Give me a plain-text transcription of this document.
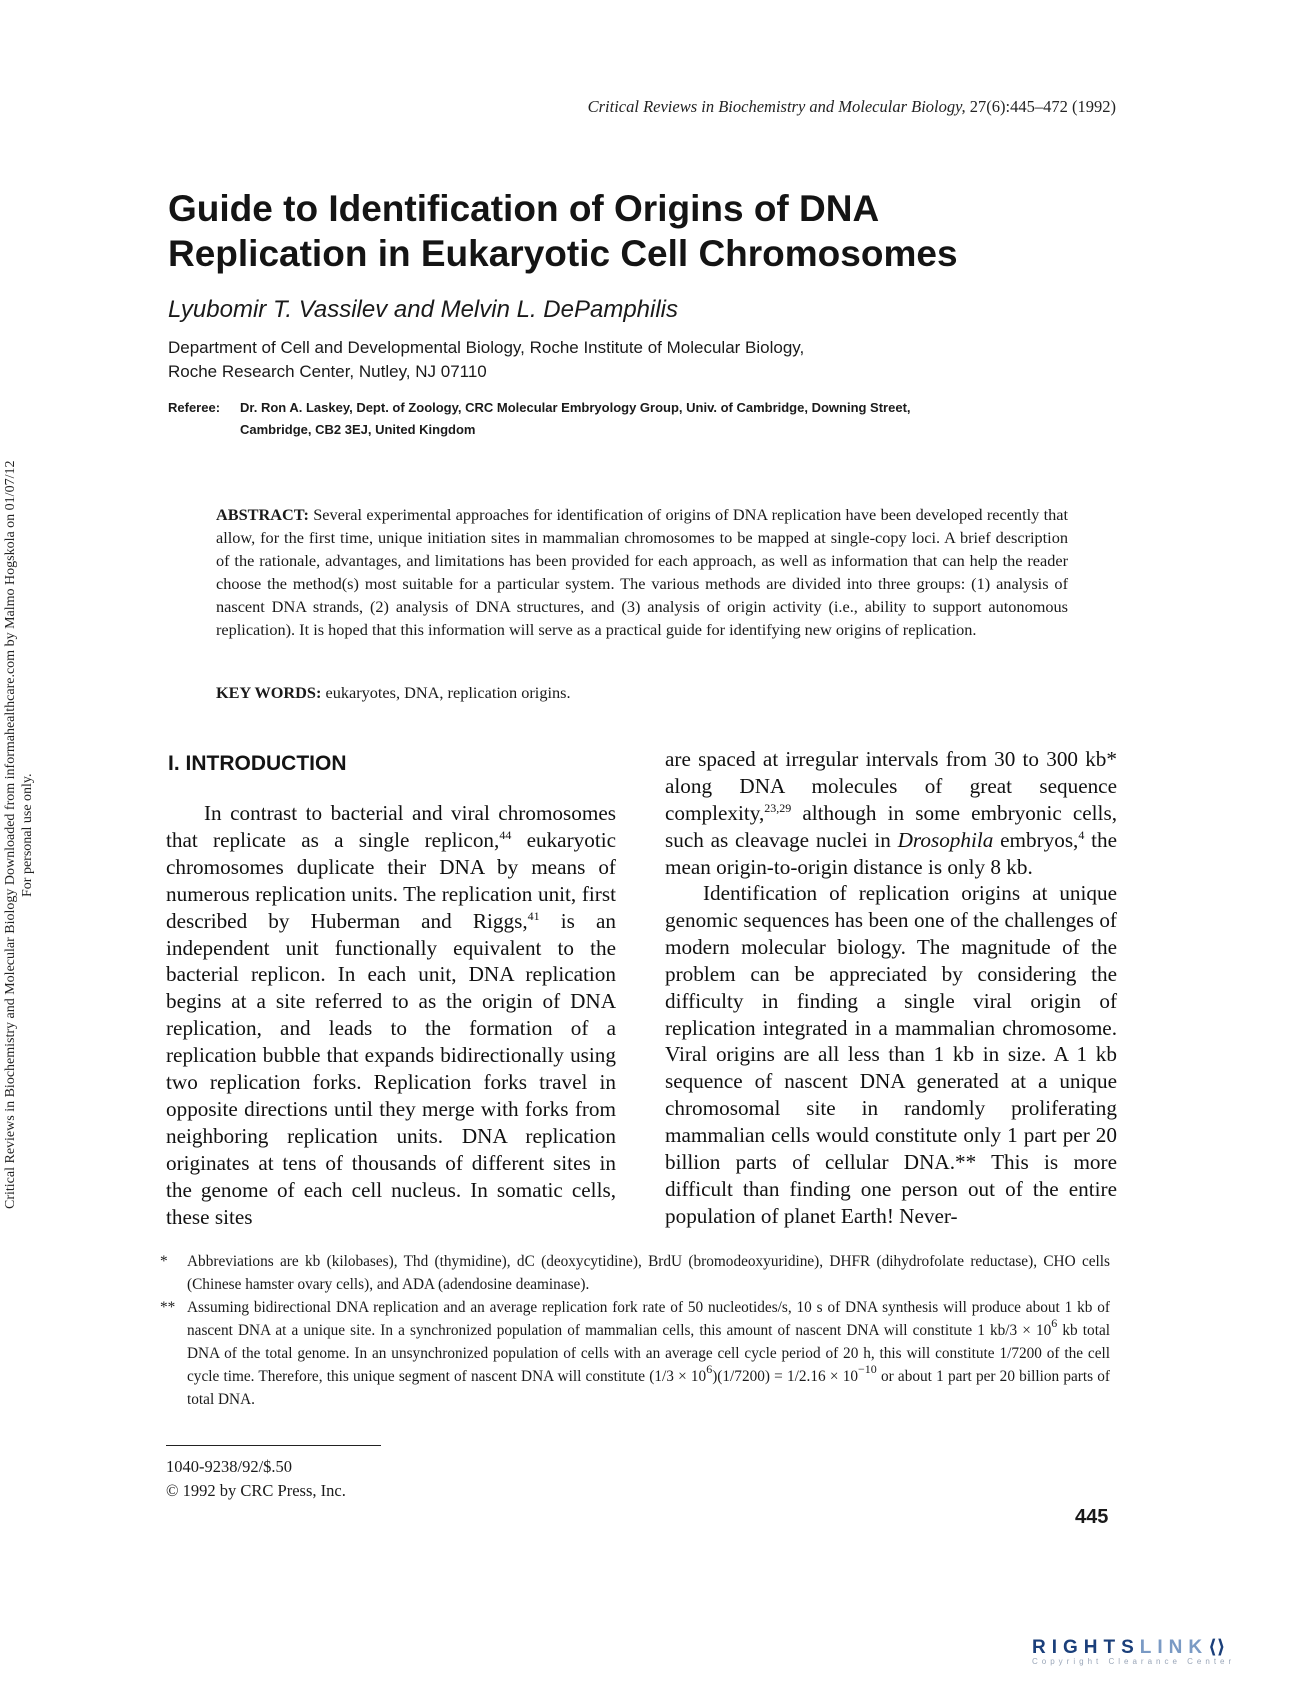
Critical Reviews in Biochemistry and Molecular Biology Downloaded from informahealthcare.com by Malmo Hogskola on 01/07/12 For personal use only.
Critical Reviews in Biochemistry and Molecular Biology, 27(6):445–472 (1992)
Guide to Identification of Origins of DNA
Replication in Eukaryotic Cell Chromosomes
Lyubomir T. Vassilev and Melvin L. DePamphilis
Department of Cell and Developmental Biology, Roche Institute of Molecular Biology,
Roche Research Center, Nutley, NJ 07110
Referee: Dr. Ron A. Laskey, Dept. of Zoology, CRC Molecular Embryology Group, Univ. of Cambridge, Downing Street,
Cambridge, CB2 3EJ, United Kingdom

ABSTRACT: Several experimental approaches for identification of origins of DNA replication have been developed recently that allow, for the first time, unique initiation sites in mammalian chromosomes to be mapped at single-copy loci. A brief description of the rationale, advantages, and limitations has been provided for each approach, as well as information that can help the reader choose the method(s) most suitable for a particular system. The various methods are divided into three groups: (1) analysis of nascent DNA strands, (2) analysis of DNA structures, and (3) analysis of origin activity (i.e., ability to support autonomous replication). It is hoped that this information will serve as a practical guide for identifying new origins of replication.

KEY WORDS: eukaryotes, DNA, replication origins.
I. INTRODUCTION

In contrast to bacterial and viral chromosomes that replicate as a single replicon,$^{44}$ eukaryotic chromosomes duplicate their DNA by means of numerous replication units. The replication unit, first described by Huberman and Riggs,$^{41}$ is an independent unit functionally equivalent to the bacterial replicon. In each unit, DNA replication begins at a site referred to as the origin of DNA replication, and leads to the formation of a replication bubble that expands bidirectionally using two replication forks. Replication forks travel in opposite directions until they merge with forks from neighboring replication units. DNA replication originates at tens of thousands of different sites in the genome of each cell nucleus. In somatic cells, these sites

are spaced at irregular intervals from 30 to 300 kb* along DNA molecules of great sequence complexity,$^{23,29}$ although in some embryonic cells, such as cleavage nuclei in Drosophila embryos,$^4$ the mean origin-to-origin distance is only 8 kb.

Identification of replication origins at unique genomic sequences has been one of the challenges of modern molecular biology. The magnitude of the problem can be appreciated by considering the difficulty in finding a single viral origin of replication integrated in a mammalian chromosome. Viral origins are all less than 1 kb in size. A 1 kb sequence of nascent DNA generated at a unique chromosomal site in randomly proliferating mammalian cells would constitute only 1 part per 20 billion parts of cellular DNA.** This is more difficult than finding one person out of the entire population of planet Earth! Never-

* Abbreviations are kb (kilobases), Thd (thymidine), dC (deoxycytidine), BrdU (bromodeoxyuridine), DHFR (dihydrofolate reductase), CHO cells (Chinese hamster ovary cells), and ADA (adendosine deaminase).

** Assuming bidirectional DNA replication and an average replication fork rate of 50 nucleotides/s, 10 s of DNA synthesis will produce about 1 kb of nascent DNA at a unique site. In a synchronized population of mammalian cells, this amount of nascent DNA will constitute 1 $kb/3 \times 10^6$ kb total DNA of the total genome. In an unsynchronized population of cells with an average cell cycle period of 20 h, this will constitute 1/7200 of the cell cycle time. Therefore, this unique segment of nascent DNA will constitute $(1/3 \times 10^6)(1/7200) = 1/2.16 \times 10^{-10}$ or about 1 part per 20 billion parts of total DNA.

1040-9238/92/$.50
© 1992 by CRC Press, Inc.
445
RIGHTSLINK⟨⟩
Copyright Clearance Center
